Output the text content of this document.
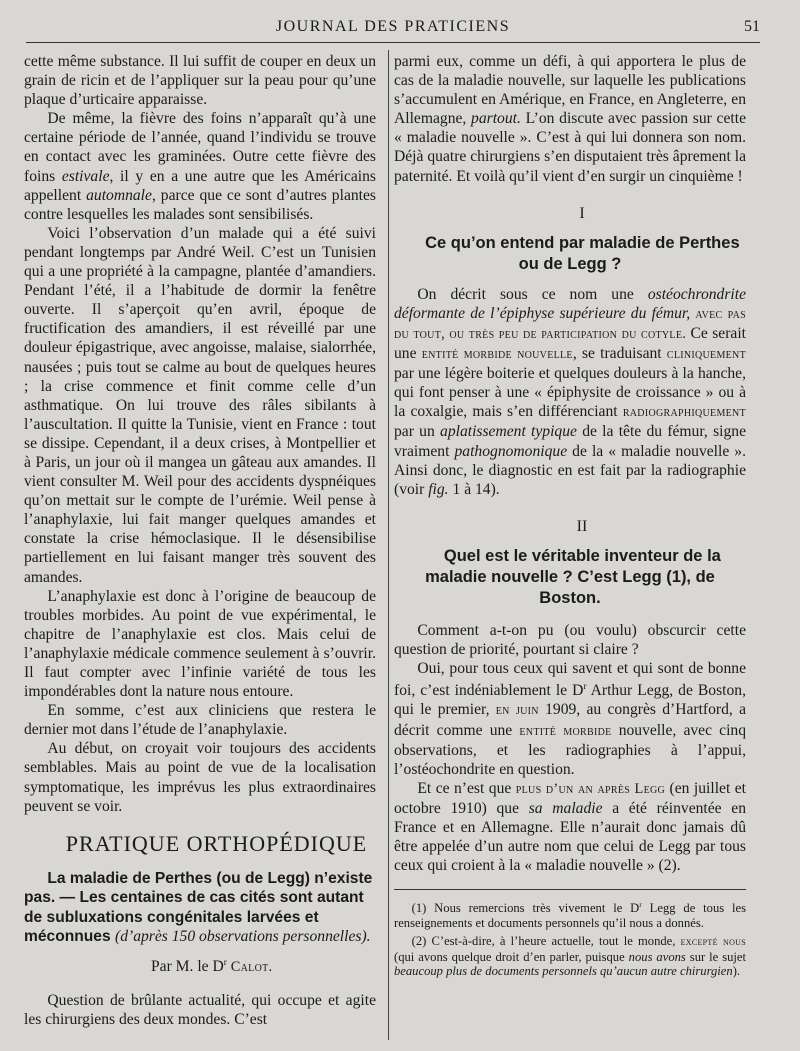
JOURNAL DES PRATICIENS	51

cette même substance. Il lui suffit de couper en deux un grain de ricin et de l’appliquer sur la peau pour qu’une plaque d’urticaire apparaisse.

De même, la fièvre des foins n’apparaît qu’à une certaine période de l’année, quand l’individu se trouve en contact avec les graminées. Outre cette fièvre des foins estivale, il y en a une autre que les Américains appellent automnale, parce que ce sont d’autres plantes contre lesquelles les malades sont sensibilisés.

Voici l’observation d’un malade qui a été suivi pendant longtemps par André Weil. C’est un Tunisien qui a une propriété à la campagne, plantée d’amandiers. Pendant l’été, il a l’habitude de dormir la fenêtre ouverte. Il s’aperçoit qu’en avril, époque de fructification des amandiers, il est réveillé par une douleur épigastrique, avec angoisse, malaise, sialorrhée, nausées ; puis tout se calme au bout de quelques heures ; la crise commence et finit comme celle d’un asthmatique. On lui trouve des râles sibilants à l’auscultation. Il quitte la Tunisie, vient en France : tout se dissipe. Cependant, il a deux crises, à Montpellier et à Paris, un jour où il mangea un gâteau aux amandes. Il vient consulter M. Weil pour des accidents dyspnéiques qu’on mettait sur le compte de l’urémie. Weil pense à l’anaphylaxie, lui fait manger quelques amandes et constate la crise hémoclasique. Il le désensibilise partiellement en lui faisant manger très souvent des amandes.

L’anaphylaxie est donc à l’origine de beaucoup de troubles morbides. Au point de vue expérimental, le chapitre de l’anaphylaxie est clos. Mais celui de l’anaphylaxie médicale commence seulement à s’ouvrir. Il faut compter avec l’infinie variété de tous les impondérables dont la nature nous entoure.

En somme, c’est aux cliniciens que restera le dernier mot dans l’étude de l’anaphylaxie.

Au début, on croyait voir toujours des accidents semblables. Mais au point de vue de la localisation symptomatique, les imprévus les plus extraordinaires peuvent se voir.

PRATIQUE ORTHOPÉDIQUE

La maladie de Perthes (ou de Legg) n’existe pas. — Les centaines de cas cités sont autant de subluxations congénitales larvées et méconnues (d’après 150 observations personnelles).

Par M. le $D^r$ Calot.

Question de brûlante actualité, qui occupe et agite les chirurgiens des deux mondes. C’est

parmi eux, comme un défi, à qui apportera le plus de cas de la maladie nouvelle, sur laquelle les publications s’accumulent en Amérique, en France, en Angleterre, en Allemagne, partout. L’on discute avec passion sur cette « maladie nouvelle ». C’est à qui lui donnera son nom. Déjà quatre chirurgiens s’en disputaient très âprement la paternité. Et voilà qu’il vient d’en surgir un cinquième !

I

Ce qu’on entend par maladie de Perthes ou de Legg ?

On décrit sous ce nom une ostéochrondrite déformante de l’épiphyse supérieure du fémur, avec pas du tout, ou très peu de participation du cotyle. Ce serait une entité morbide nouvelle, se traduisant cliniquement par une légère boiterie et quelques douleurs à la hanche, qui font penser à une « épiphysite de croissance » ou à la coxalgie, mais s’en différenciant radiographiquement par un aplatissement typique de la tête du fémur, signe vraiment pathognomonique de la « maladie nouvelle ». Ainsi donc, le diagnostic en est fait par la radiographie (voir fig. 1 à 14).

II

Quel est le véritable inventeur de la maladie nouvelle ? C’est Legg (1), de Boston.

Comment a-t-on pu (ou voulu) obscurcir cette question de priorité, pourtant si claire ?

Oui, pour tous ceux qui savent et qui sont de bonne foi, c’est indéniablement le $D^r$ Arthur Legg, de Boston, qui le premier, en juin 1909, au congrès d’Hartford, a décrit comme une entité morbide nouvelle, avec cinq observations, et les radiographies à l’appui, l’ostéochondrite en question.

Et ce n’est que plus d’un an après Legg (en juillet et octobre 1910) que sa maladie a été réinventée en France et en Allemagne. Elle n’aurait donc jamais dû être appelée d’un autre nom que celui de Legg par tous ceux qui croient à la « maladie nouvelle » (2).

(1) Nous remercions très vivement le $D^r$ Legg de tous les renseignements et documents personnels qu’il nous a donnés.

(2) C’est-à-dire, à l’heure actuelle, tout le monde, excepté nous (qui avons quelque droit d’en parler, puisque nous avons sur le sujet beaucoup plus de documents personnels qu’aucun autre chirurgien).
